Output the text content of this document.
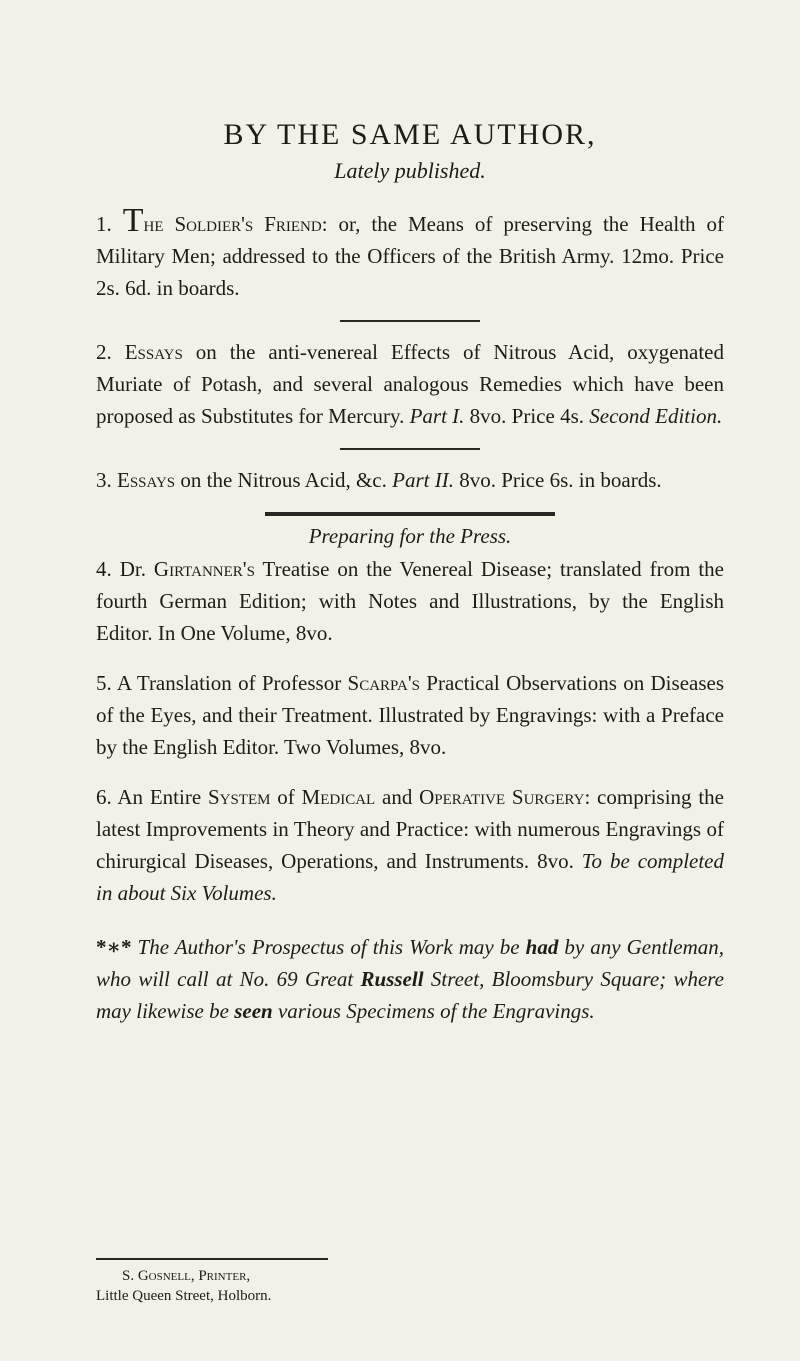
BY THE SAME AUTHOR,
Lately published.

1. The Soldier's Friend: or, the Means of preserving the Health of Military Men; addressed to the Officers of the British Army. 12mo. Price 2s. 6d. in boards.

2. Essays on the anti-venereal Effects of Nitrous Acid, oxygenated Muriate of Potash, and several analogous Remedies which have been proposed as Substitutes for Mercury. Part I. 8vo. Price 4s. Second Edition.

3. Essays on the Nitrous Acid, &c. Part II. 8vo. Price 6s. in boards.

Preparing for the Press.

4. Dr. Girtanner's Treatise on the Venereal Disease; translated from the fourth German Edition; with Notes and Illustrations, by the English Editor. In One Volume, 8vo.

5. A Translation of Professor Scarpa's Practical Observations on Diseases of the Eyes, and their Treatment. Illustrated by Engravings: with a Preface by the English Editor. Two Volumes, 8vo.

6. An Entire System of Medical and Operative Surgery: comprising the latest Improvements in Theory and Practice: with numerous Engravings of chirurgical Diseases, Operations, and Instruments. 8vo. To be completed in about Six Volumes.

*∗* The Author's Prospectus of this Work may be had by any Gentleman, who will call at No. 69 Great Russell Street, Bloomsbury Square; where may likewise be seen various Specimens of the Engravings.

S. Gosnell, Printer,
Little Queen Street, Holborn.
